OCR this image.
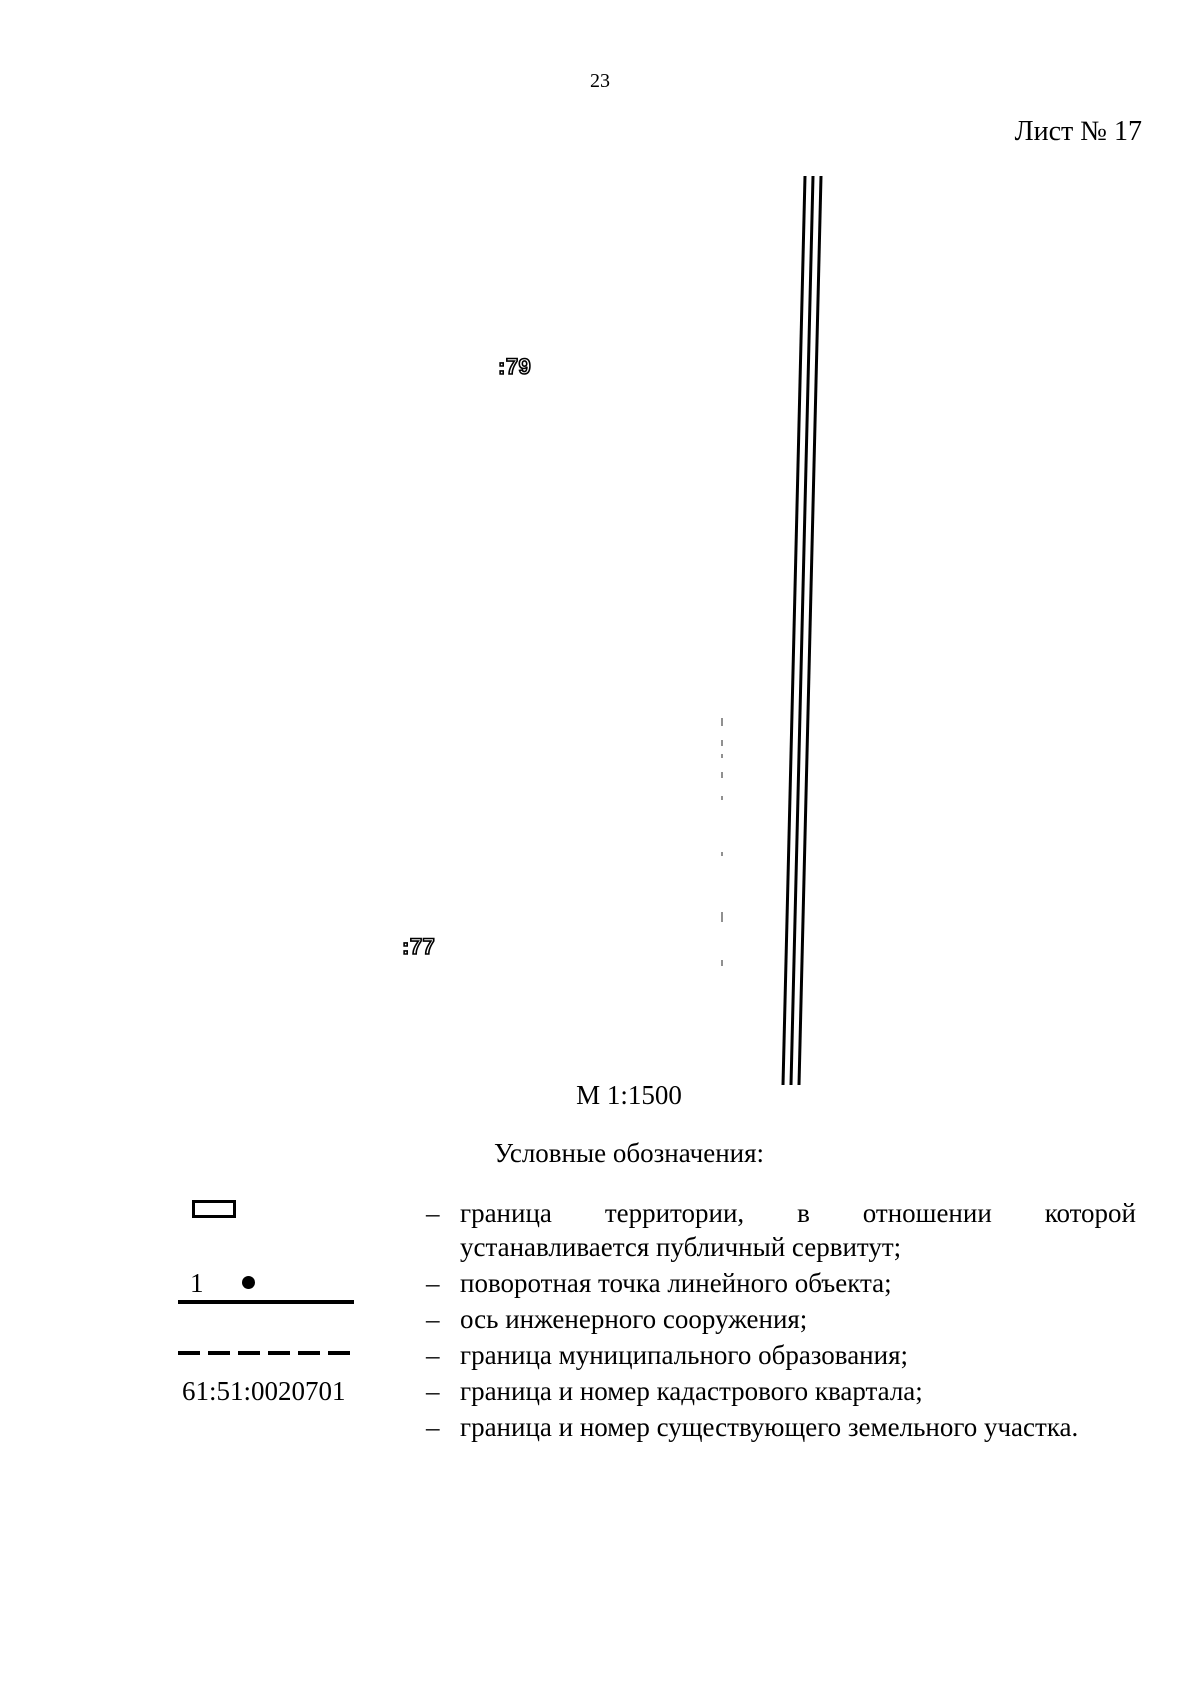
23
Лист № 17
:79
:77
М 1:1500
Условные обозначения:
– граница территории, в отношении которой
устанавливается публичный сервитут;
1	– поворотная точка линейного объекта;
– ось инженерного сооружения;
– граница муниципального образования;
61:51:0020701	– граница и номер кадастрового квартала;
– граница и номер существующего земельного участка.
